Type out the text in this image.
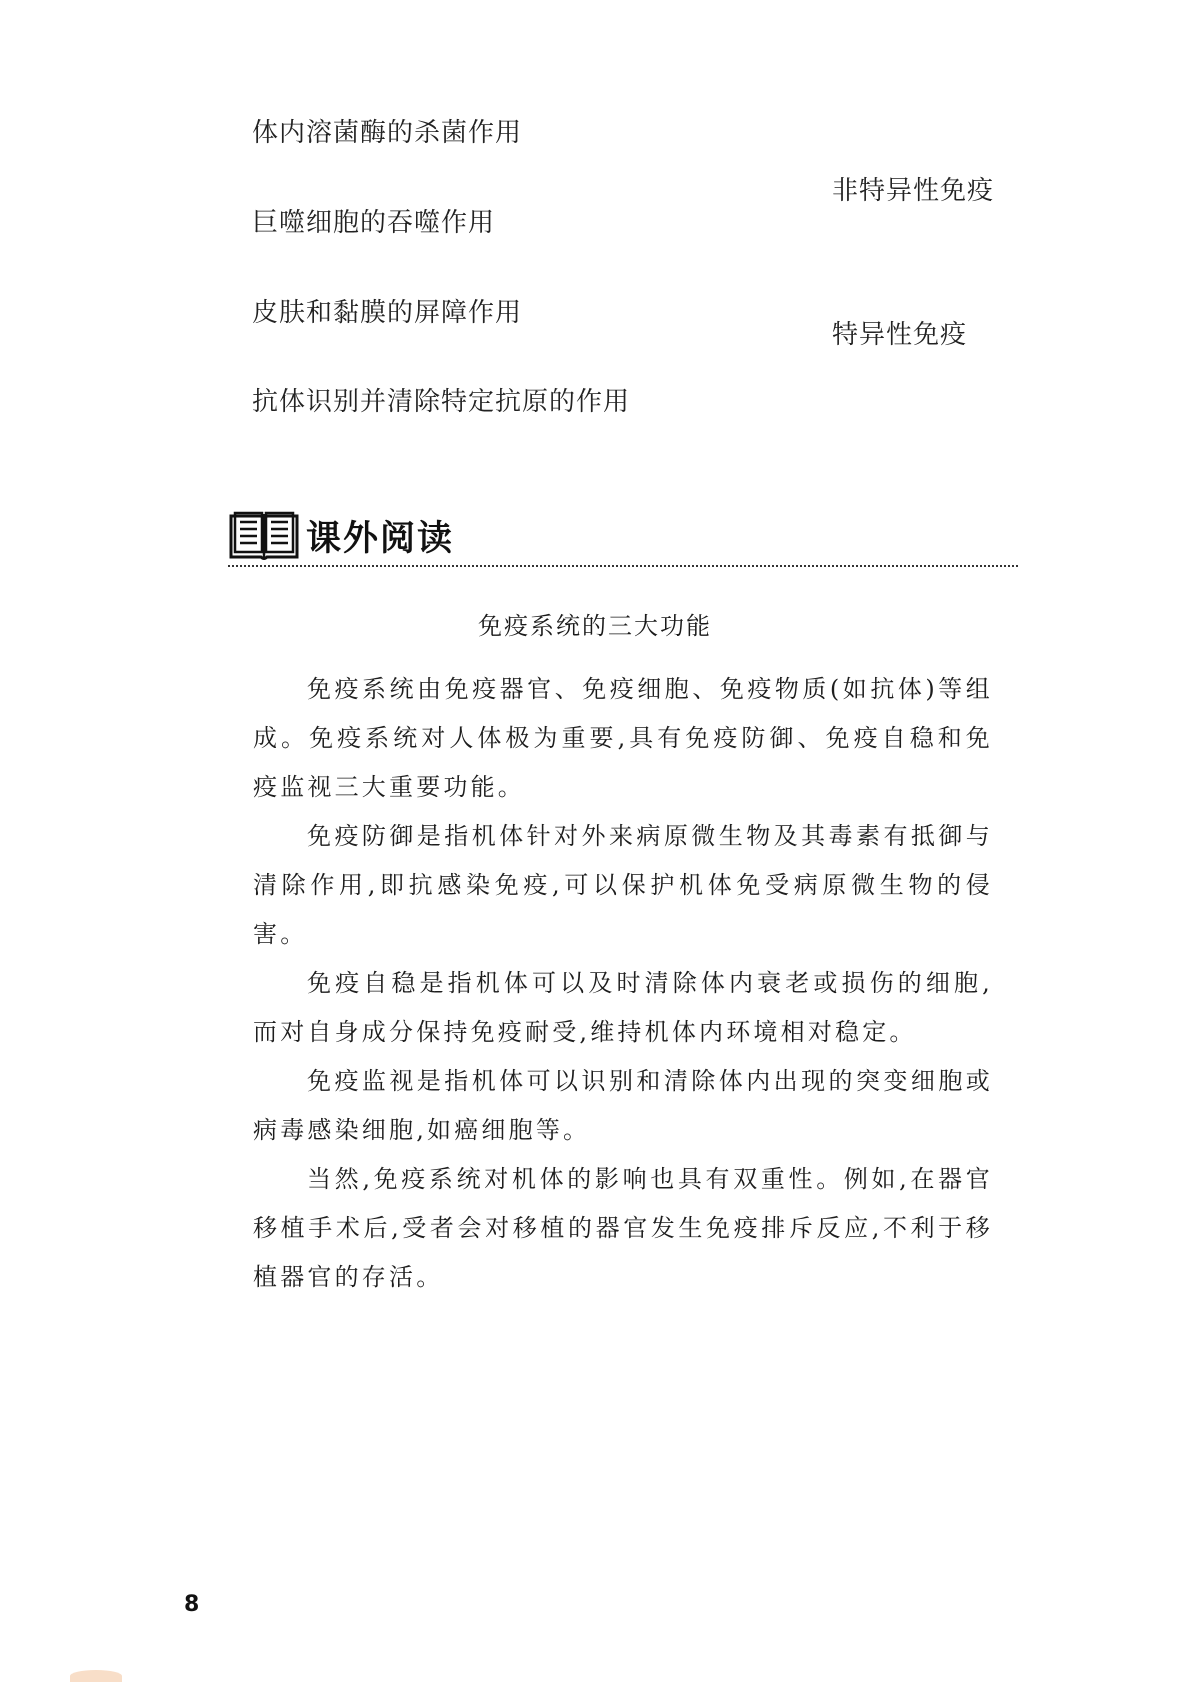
体内溶菌酶的杀菌作用
巨噬细胞的吞噬作用
皮肤和黏膜的屏障作用
抗体识别并清除特定抗原的作用
非特异性免疫
特异性免疫
课外阅读
免疫系统的三大功能

免疫系统由免疫器官、免疫细胞、免疫物质(如抗体)等组成。免疫系统对人体极为重要,具有免疫防御、免疫自稳和免疫监视三大重要功能。

免疫防御是指机体针对外来病原微生物及其毒素有抵御与清除作用,即抗感染免疫,可以保护机体免受病原微生物的侵害。

免疫自稳是指机体可以及时清除体内衰老或损伤的细胞,而对自身成分保持免疫耐受,维持机体内环境相对稳定。

免疫监视是指机体可以识别和清除体内出现的突变细胞或病毒感染细胞,如癌细胞等。

当然,免疫系统对机体的影响也具有双重性。例如,在器官移植手术后,受者会对移植的器官发生免疫排斥反应,不利于移植器官的存活。

8
